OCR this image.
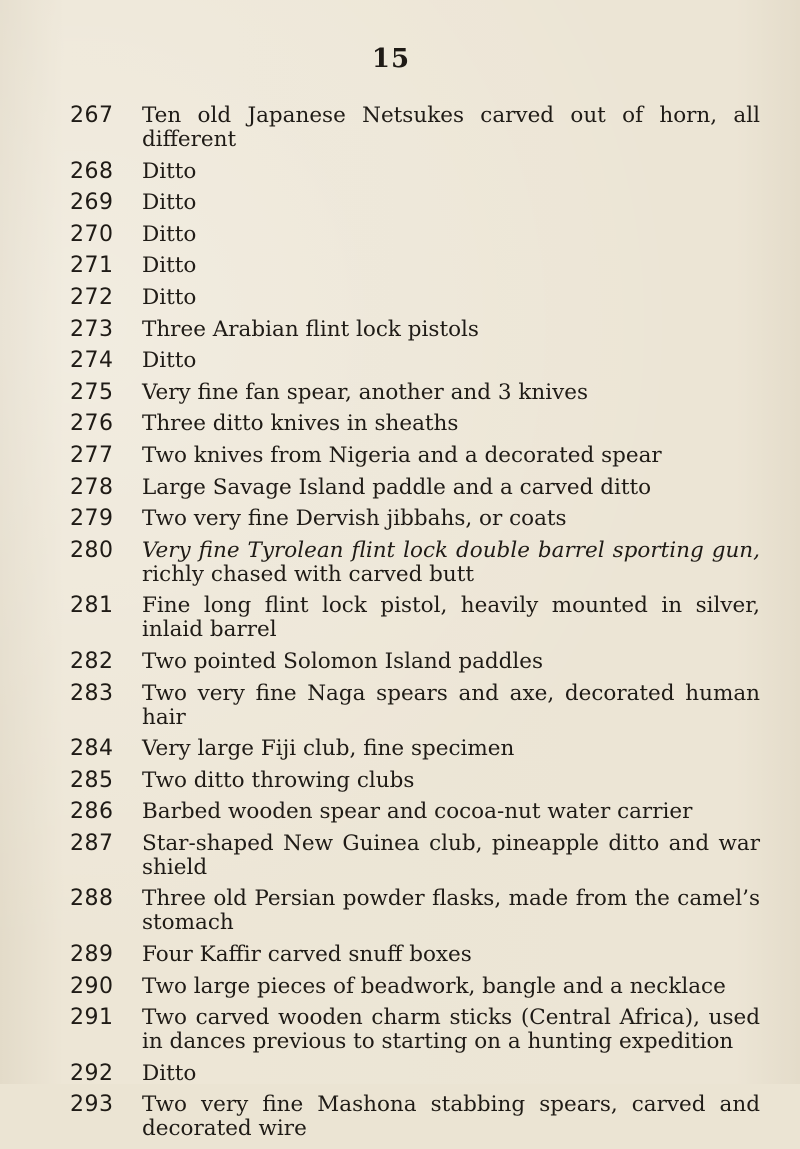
15
267	Ten old Japanese Netsukes carved out of horn, all different
268	Ditto
269	Ditto
270	Ditto
271	Ditto
272	Ditto
273	Three Arabian flint lock pistols
274	Ditto
275	Very fine fan spear, another and 3 knives
276	Three ditto knives in sheaths
277	Two knives from Nigeria and a decorated spear
278	Large Savage Island paddle and a carved ditto
279	Two very fine Dervish jibbahs, or coats
280	Very fine Tyrolean flint lock double barrel sporting gun, richly chased with carved butt
281	Fine long flint lock pistol, heavily mounted in silver, inlaid barrel
282	Two pointed Solomon Island paddles
283	Two very fine Naga spears and axe, decorated human hair
284	Very large Fiji club, fine specimen
285	Two ditto throwing clubs
286	Barbed wooden spear and cocoa-nut water carrier
287	Star-shaped New Guinea club, pineapple ditto and war shield
288	Three old Persian powder flasks, made from the camel’s stomach
289	Four Kaffir carved snuff boxes
290	Two large pieces of beadwork, bangle and a necklace
291	Two carved wooden charm sticks (Central Africa), used in dances previous to starting on a hunting expedition
292	Ditto
293	Two very fine Mashona stabbing spears, carved and decorated wire
